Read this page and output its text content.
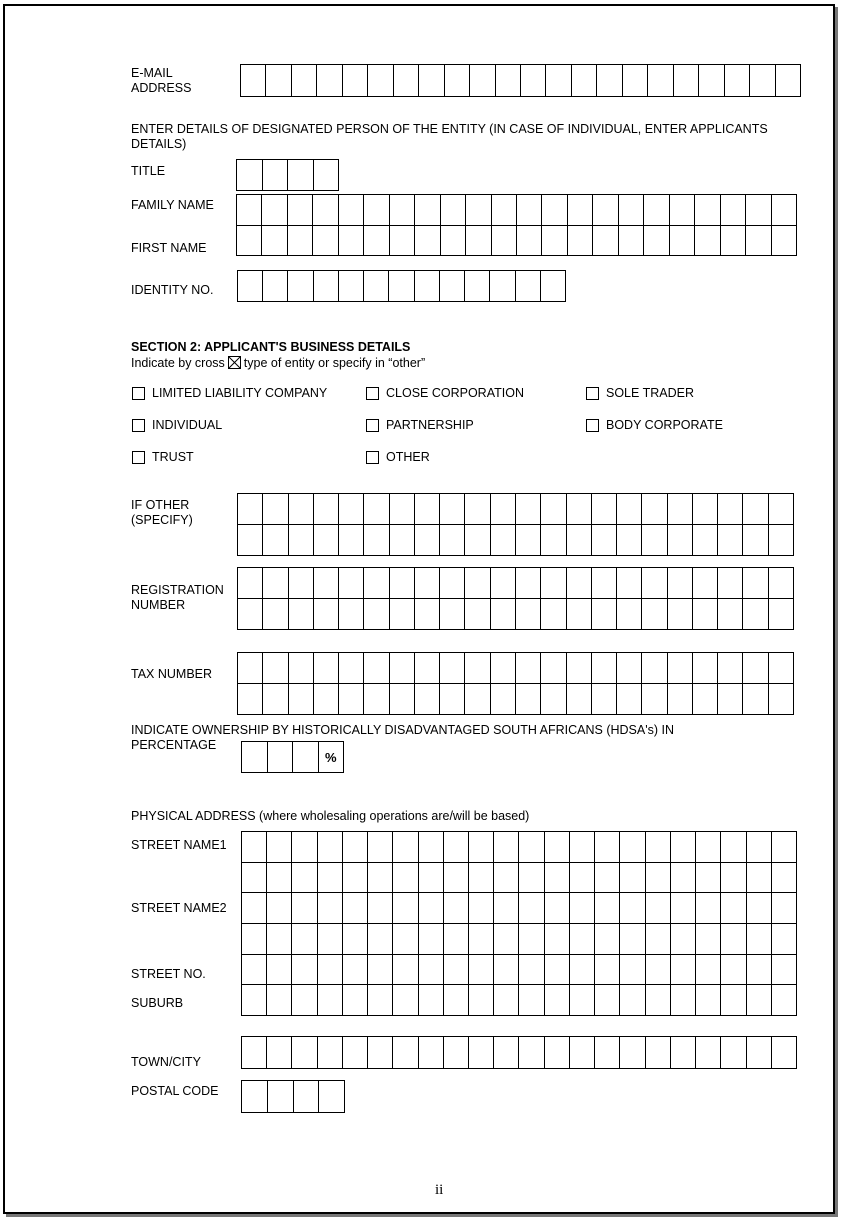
E-MAIL
ADDRESS
ENTER DETAILS OF DESIGNATED PERSON OF THE ENTITY (IN CASE OF INDIVIDUAL, ENTER APPLICANTS
DETAILS)
TITLE
FAMILY NAME
FIRST NAME
IDENTITY NO.
SECTION 2: APPLICANT'S BUSINESS DETAILS
Indicate by cross ☒ type of entity or specify in “other”
LIMITED LIABILITY COMPANY	CLOSE CORPORATION	SOLE TRADER
INDIVIDUAL	PARTNERSHIP	BODY CORPORATE
TRUST	OTHER
IF OTHER
(SPECIFY)
REGISTRATION
NUMBER
TAX NUMBER
INDICATE OWNERSHIP BY HISTORICALLY DISADVANTAGED SOUTH AFRICANS (HDSA's) IN
PERCENTAGE
%
PHYSICAL ADDRESS (where wholesaling operations are/will be based)
STREET NAME1
STREET NAME2
STREET NO.
SUBURB
TOWN/CITY
POSTAL CODE
ii
